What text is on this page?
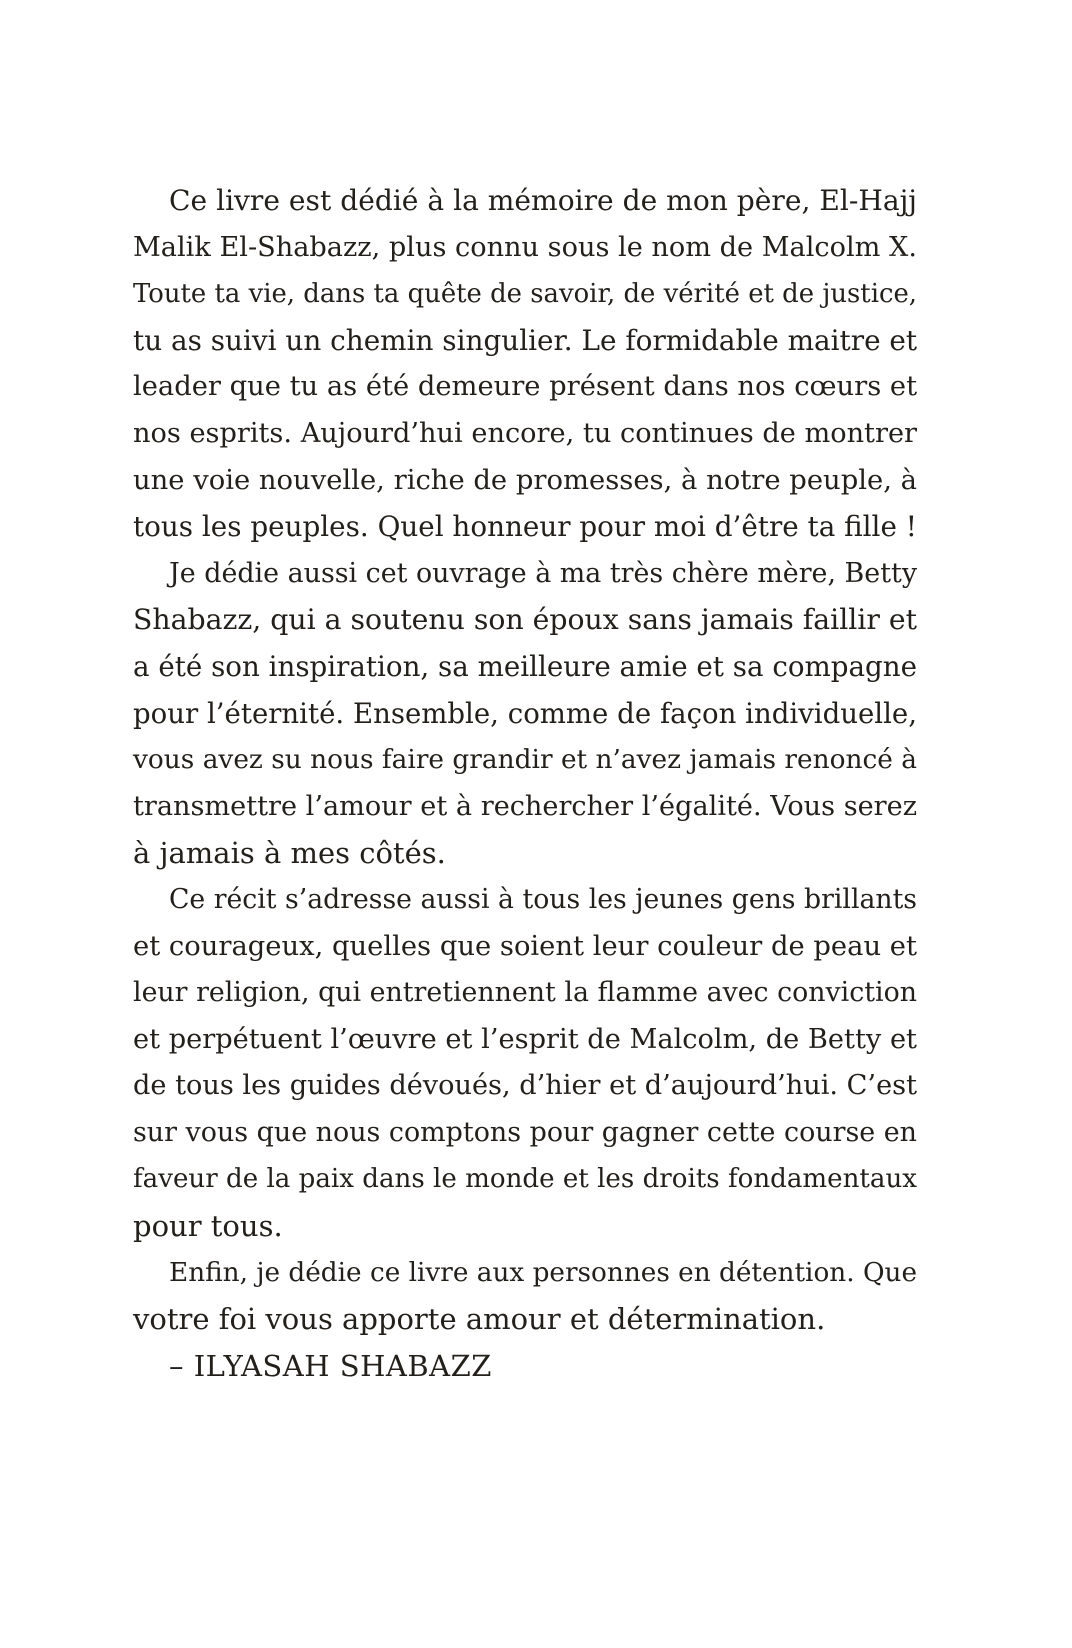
Ce livre est dédié à la mémoire de mon père, El-Hajj
Malik El-Shabazz, plus connu sous le nom de Malcolm X.
Toute ta vie, dans ta quête de savoir, de vérité et de justice,
tu as suivi un chemin singulier. Le formidable maitre et
leader que tu as été demeure présent dans nos cœurs et
nos esprits. Aujourd’hui encore, tu continues de montrer
une voie nouvelle, riche de promesses, à notre peuple, à
tous les peuples. Quel honneur pour moi d’être ta fille !
Je dédie aussi cet ouvrage à ma très chère mère, Betty
Shabazz, qui a soutenu son époux sans jamais faillir et
a été son inspiration, sa meilleure amie et sa compagne
pour l’éternité. Ensemble, comme de façon individuelle,
vous avez su nous faire grandir et n’avez jamais renoncé à
transmettre l’amour et à rechercher l’égalité. Vous serez
à jamais à mes côtés.
Ce récit s’adresse aussi à tous les jeunes gens brillants
et courageux, quelles que soient leur couleur de peau et
leur religion, qui entretiennent la flamme avec conviction
et perpétuent l’œuvre et l’esprit de Malcolm, de Betty et
de tous les guides dévoués, d’hier et d’aujourd’hui. C’est
sur vous que nous comptons pour gagner cette course en
faveur de la paix dans le monde et les droits fondamentaux
pour tous.
Enfin, je dédie ce livre aux personnes en détention. Que
votre foi vous apporte amour et détermination.

– ILYASAH SHABAZZ
